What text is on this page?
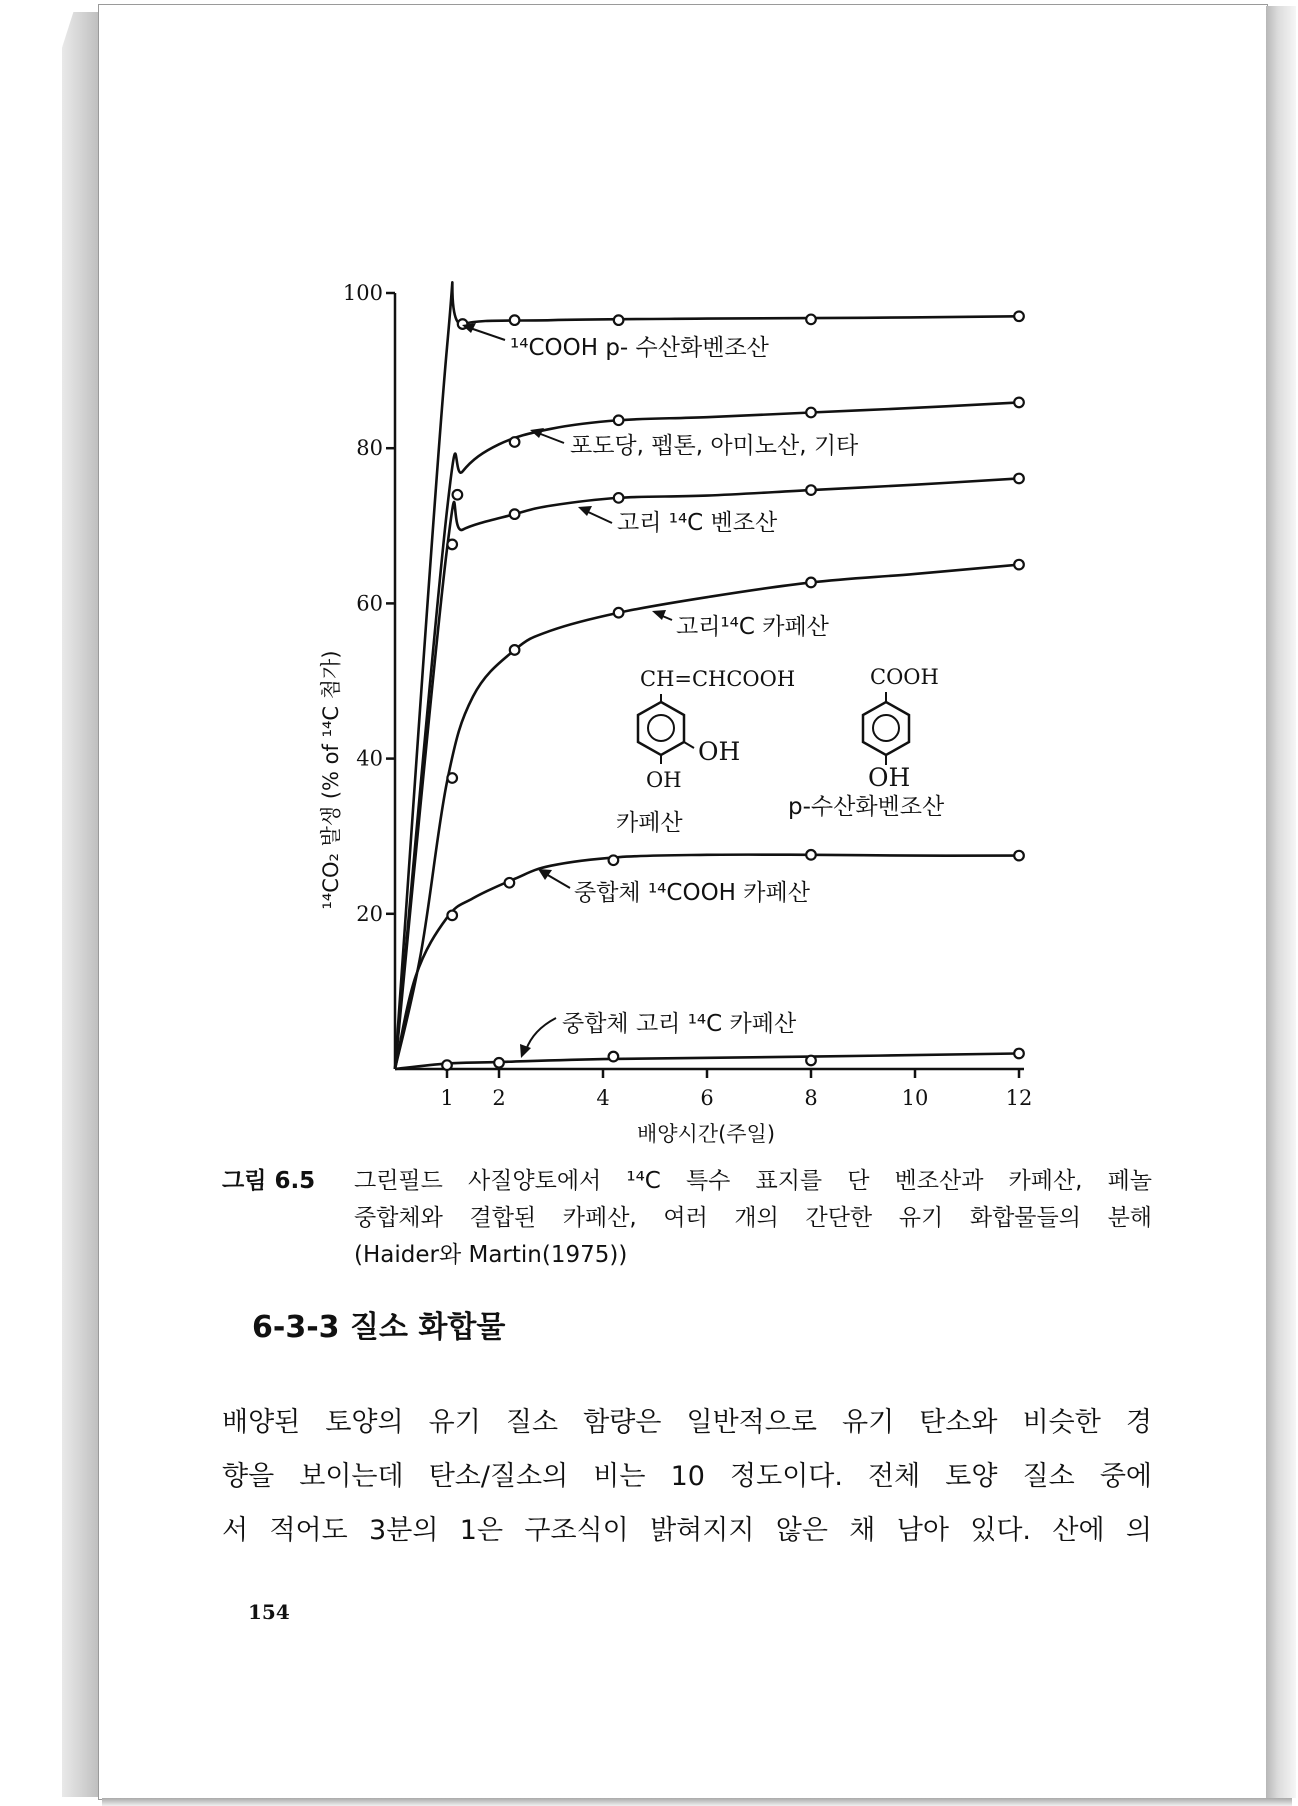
20
40
60
80
100
1 2	4	6	8	10	12
배양시간(주일)
¹⁴CO₂ 발생 (% of ¹⁴C 첨가)
¹⁴COOH p- 수산화벤조산
포도당, 펩톤, 아미노산, 기타
고리 ¹⁴C 벤조산
고리¹⁴C 카페산
중합체 ¹⁴COOH 카페산
중합체 고리 ¹⁴C 카페산
CH=CHCOOH
OH
OH
카페산
COOH
OH
p-수산화벤조산
그림 6.5 그린필드 사질양토에서 ¹⁴C 특수 표지를 단 벤조산과 카페산, 페놀
중합체와 결합된 카페산, 여러 개의 간단한 유기 화합물들의 분해
(Haider와 Martin(1975))
6-3-3 질소 화합물
배양된 토양의 유기 질소 함량은 일반적으로 유기 탄소와 비슷한 경
향을 보이는데 탄소/질소의 비는 10 정도이다. 전체 토양 질소 중에
서 적어도 3분의 1은 구조식이 밝혀지지 않은 채 남아 있다. 산에 의
154
